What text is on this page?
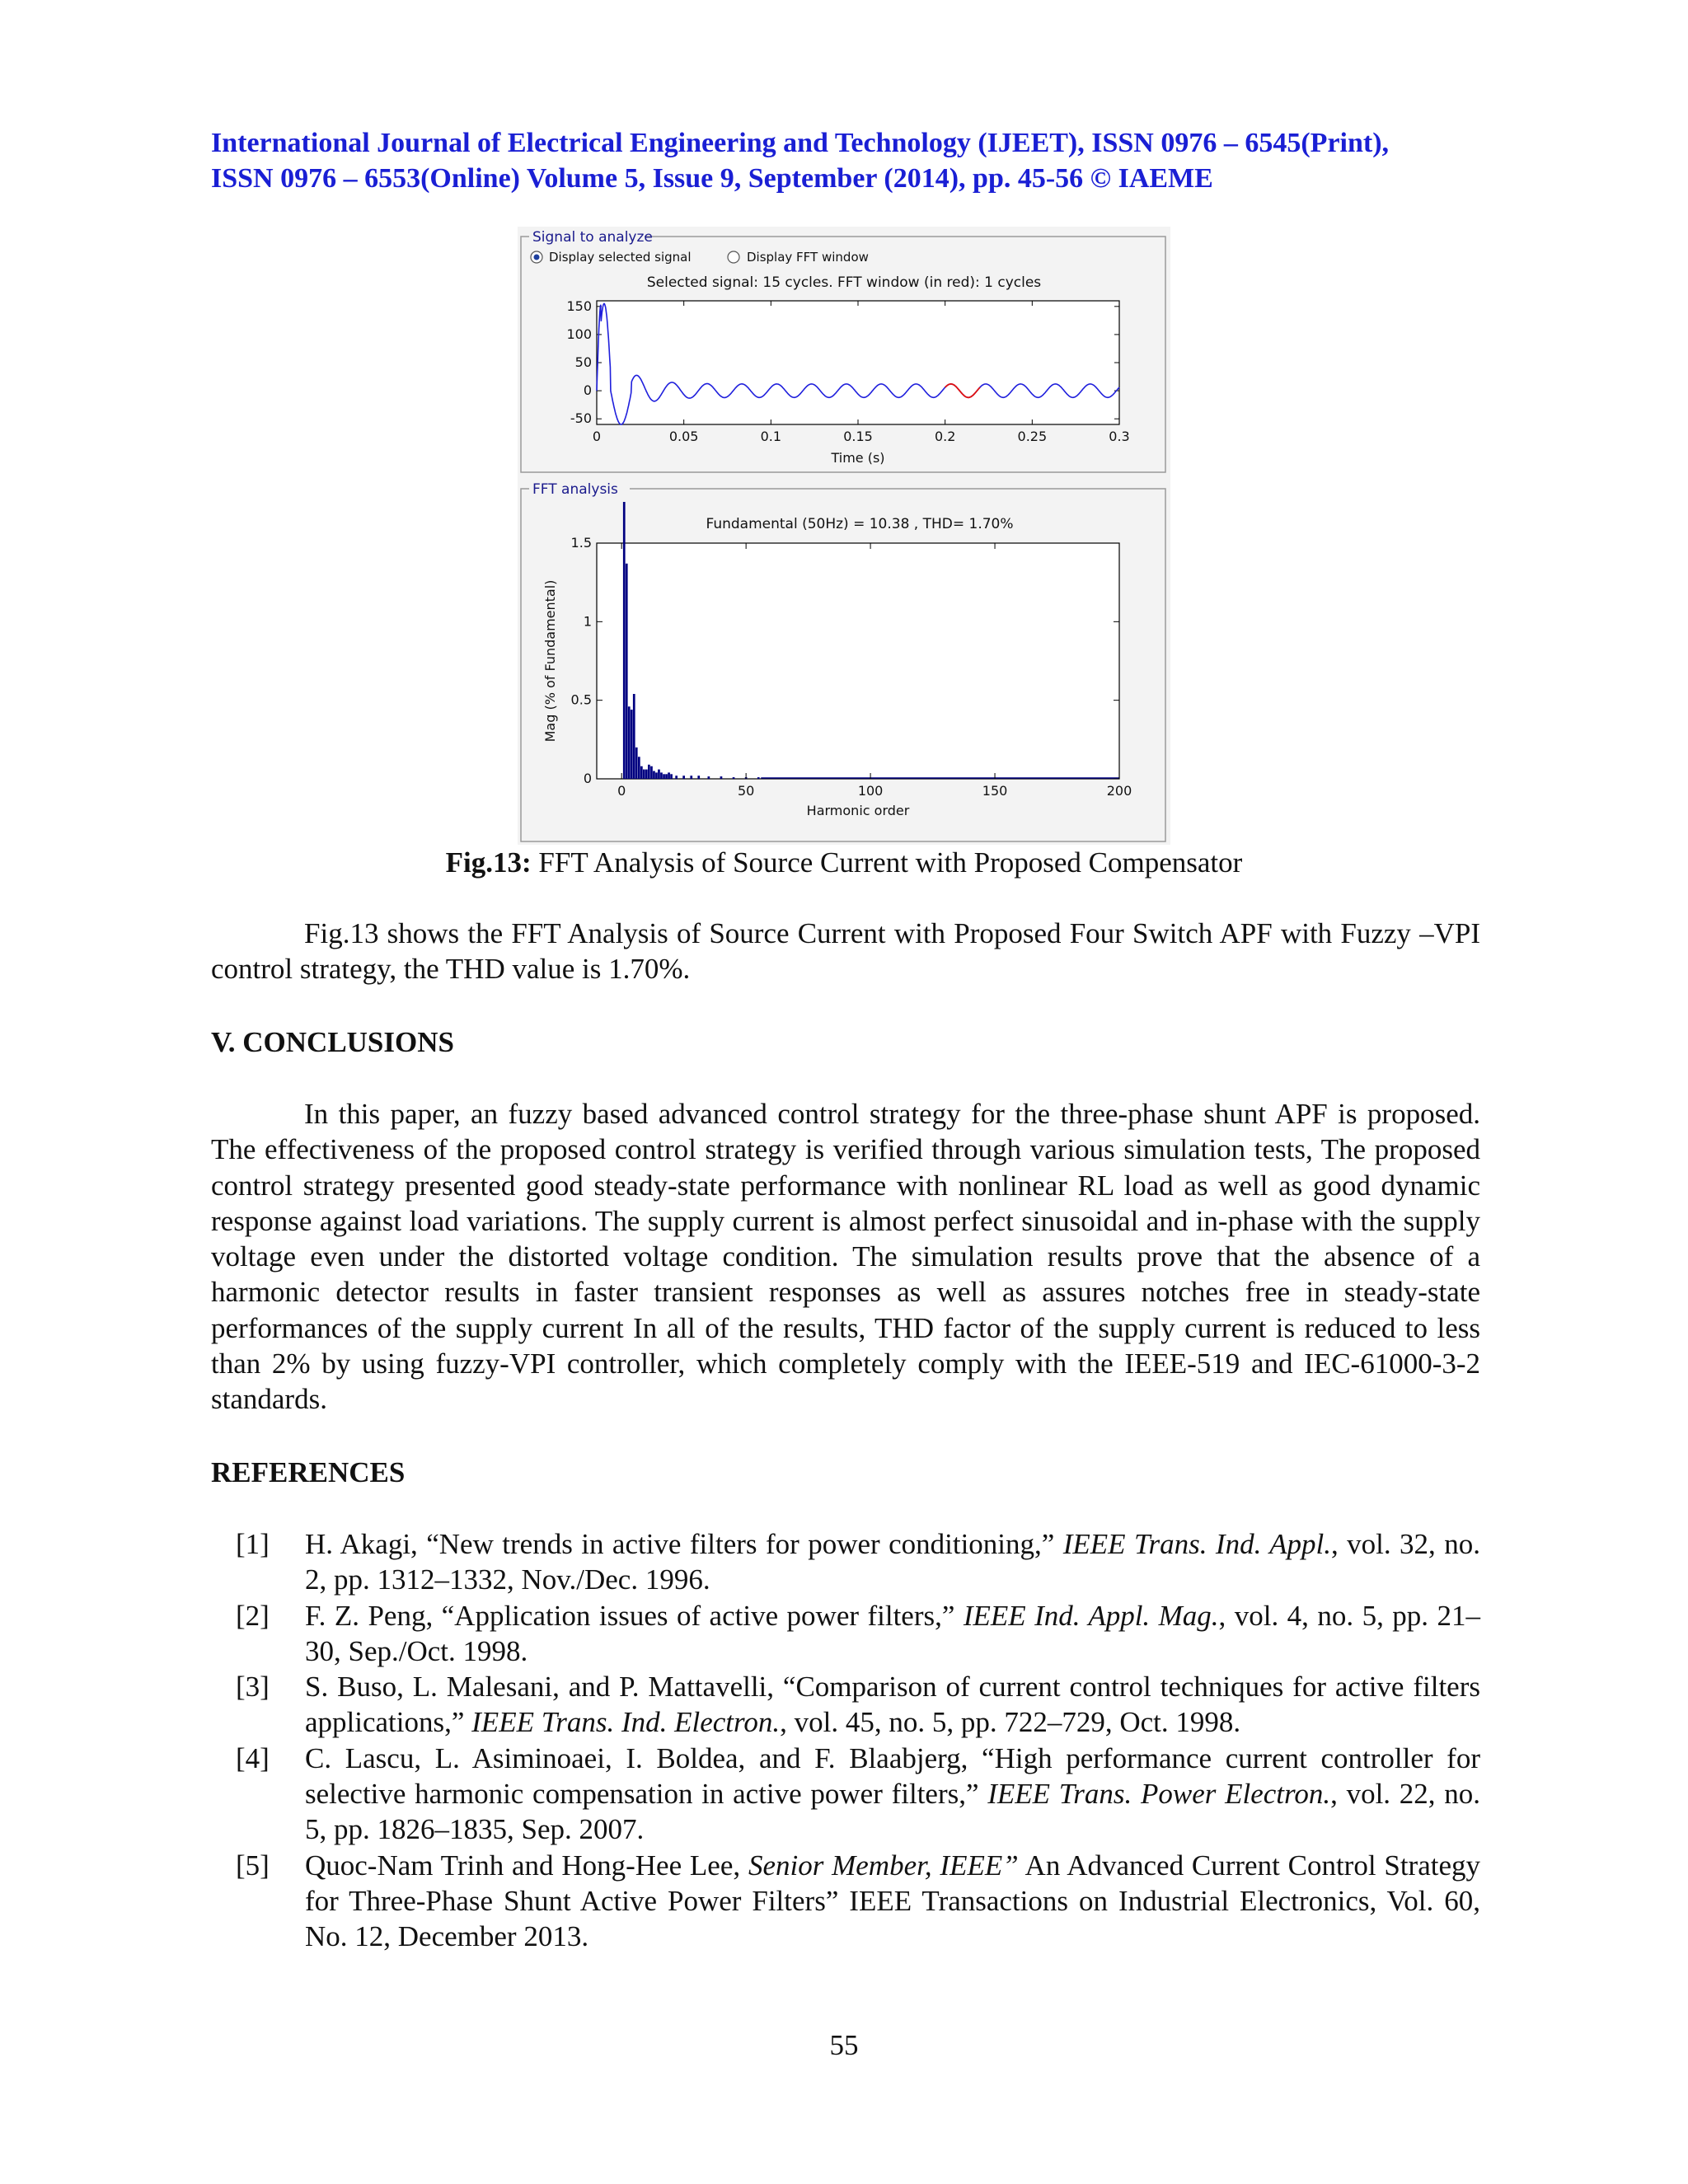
International Journal of Electrical Engineering and Technology (IJEET), ISSN 0976 – 6545(Print),
ISSN 0976 – 6553(Online) Volume 5, Issue 9, September (2014), pp. 45-56 © IAEME
Signal to analyze
Display selected signal	Display FFT window
Selected signal: 15 cycles. FFT window (in red): 1 cycles
0	0.05	0.1	0.15	0.2	0.25	0.3
150
100
50
0
-50
Time (s)
FFT analysis
Fundamental (50Hz) = 10.38 , THD= 1.70%
0	50	100	150	200
1.5
1
0.5
0
Harmonic order
Mag (% of Fundamental)
Fig.13: FFT Analysis of Source Current with Proposed Compensator
Fig.13 shows the FFT Analysis of Source Current with Proposed Four Switch APF with Fuzzy –VPI control strategy, the THD value is 1.70%.
V. CONCLUSIONS
In this paper, an fuzzy based advanced control strategy for the three-phase shunt APF is proposed. The effectiveness of the proposed control strategy is verified through various simulation tests, The proposed control strategy presented good steady-state performance with nonlinear RL load as well as good dynamic response against load variations. The supply current is almost perfect sinusoidal and in-phase with the supply voltage even under the distorted voltage condition. The simulation results prove that the absence of a harmonic detector results in faster transient responses as well as assures notches free in steady-state performances of the supply current In all of the results, THD factor of the supply current is reduced to less than 2% by using fuzzy-VPI controller, which completely comply with the IEEE-519 and IEC-61000-3-2 standards.
REFERENCES
[1]	H. Akagi, “New trends in active filters for power conditioning,” IEEE Trans. Ind. Appl., vol. 32, no. 2, pp. 1312–1332, Nov./Dec. 1996.
[2]	F. Z. Peng, “Application issues of active power filters,” IEEE Ind. Appl. Mag., vol. 4, no. 5, pp. 21–30, Sep./Oct. 1998.
[3]	S. Buso, L. Malesani, and P. Mattavelli, “Comparison of current control techniques for active filters applications,” IEEE Trans. Ind. Electron., vol. 45, no. 5, pp. 722–729, Oct. 1998.
[4]	C. Lascu, L. Asiminoaei, I. Boldea, and F. Blaabjerg, “High performance current controller for selective harmonic compensation in active power filters,” IEEE Trans. Power Electron., vol. 22, no. 5, pp. 1826–1835, Sep. 2007.
[5]	Quoc-Nam Trinh and Hong-Hee Lee, Senior Member, IEEE” An Advanced Current Control Strategy for Three-Phase Shunt Active Power Filters” IEEE Transactions on Industrial Electronics, Vol. 60, No. 12, December 2013.
55
